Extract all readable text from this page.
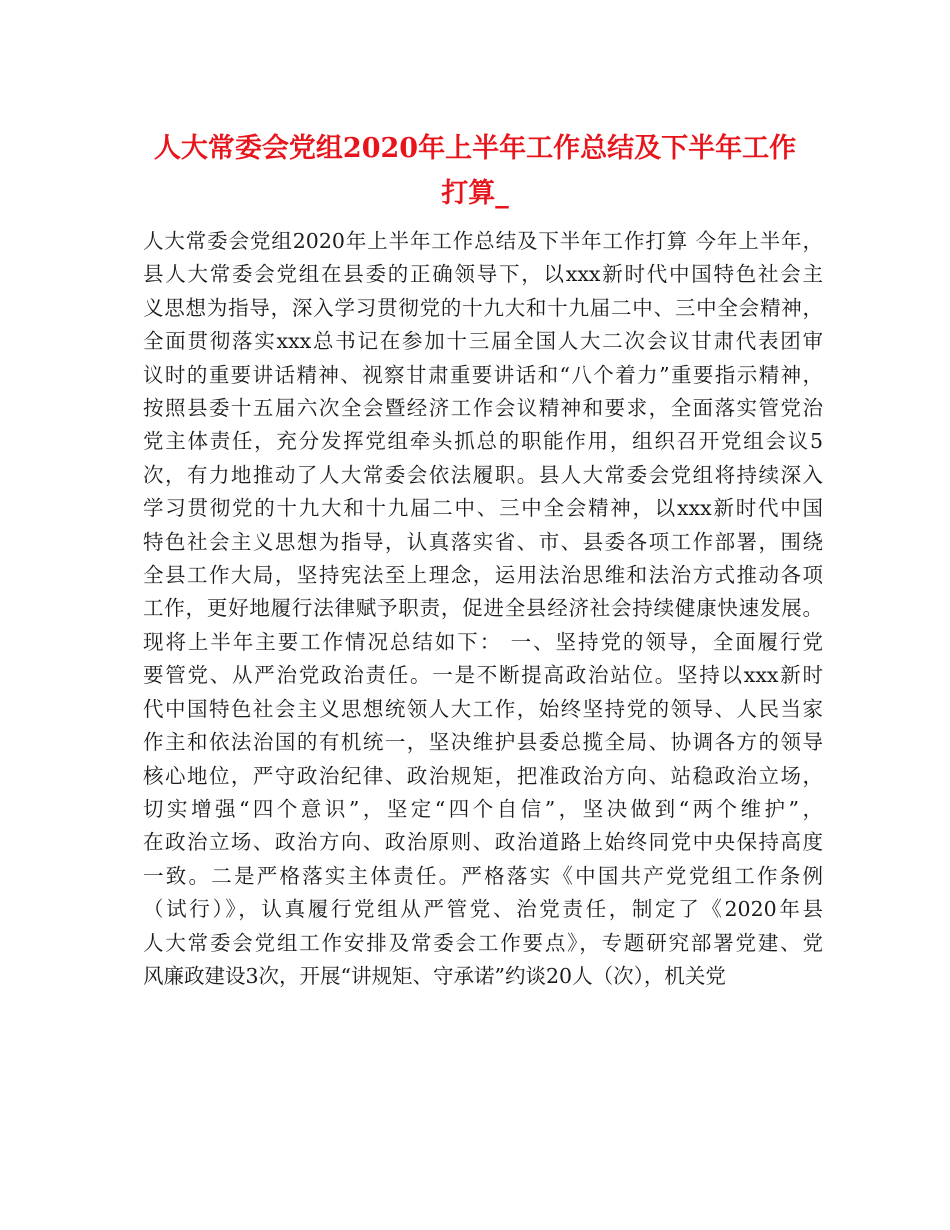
人大常委会党组2020年上半年工作总结及下半年工作
打算_
人大常委会党组2020年上半年工作总结及下半年工作打算 今年上半年，
县人大常委会党组在县委的正确领导下，以xxx新时代中国特色社会主
义思想为指导，深入学习贯彻党的十九大和十九届二中、三中全会精神，
全面贯彻落实xxx总书记在参加十三届全国人大二次会议甘肃代表团审
议时的重要讲话精神、视察甘肃重要讲话和“八个着力”重要指示精神，
按照县委十五届六次全会暨经济工作会议精神和要求，全面落实管党治
党主体责任，充分发挥党组牵头抓总的职能作用，组织召开党组会议5
次，有力地推动了人大常委会依法履职。县人大常委会党组将持续深入
学习贯彻党的十九大和十九届二中、三中全会精神，以xxx新时代中国
特色社会主义思想为指导，认真落实省、市、县委各项工作部署，围绕
全县工作大局，坚持宪法至上理念，运用法治思维和法治方式推动各项
工作，更好地履行法律赋予职责，促进全县经济社会持续健康快速发展。
现将上半年主要工作情况总结如下： 一、坚持党的领导，全面履行党
要管党、从严治党政治责任。一是不断提高政治站位。坚持以xxx新时
代中国特色社会主义思想统领人大工作，始终坚持党的领导、人民当家
作主和依法治国的有机统一，坚决维护县委总揽全局、协调各方的领导
核心地位，严守政治纪律、政治规矩，把准政治方向、站稳政治立场，
切实增强“四个意识”，坚定“四个自信”，坚决做到“两个维护”，
在政治立场、政治方向、政治原则、政治道路上始终同党中央保持高度
一致。二是严格落实主体责任。严格落实《中国共产党党组工作条例
（试行）》，认真履行党组从严管党、治党责任，制定了《2020年县
人大常委会党组工作安排及常委会工作要点》，专题研究部署党建、党
风廉政建设3次，开展“讲规矩、守承诺”约谈20人（次），机关党
